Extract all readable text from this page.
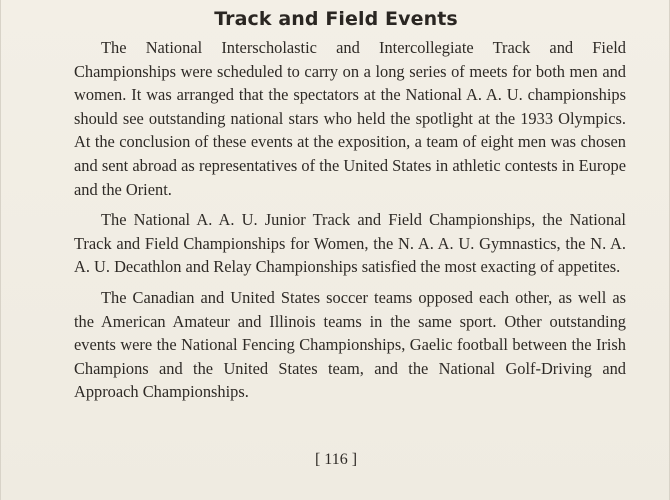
Track and Field Events

The National Interscholastic and Intercollegiate Track and Field Championships were scheduled to carry on a long series of meets for both men and women. It was arranged that the spectators at the National A. A. U. championships should see outstanding national stars who held the spotlight at the 1933 Olympics. At the conclusion of these events at the exposition, a team of eight men was chosen and sent abroad as representatives of the United States in athletic contests in Europe and the Orient.

The National A. A. U. Junior Track and Field Championships, the National Track and Field Championships for Women, the N. A. A. U. Gymnastics, the N. A. A. U. Decathlon and Relay Championships satisfied the most exacting of appetites.

The Canadian and United States soccer teams opposed each other, as well as the American Amateur and Illinois teams in the same sport. Other outstanding events were the National Fencing Championships, Gaelic football between the Irish Champions and the United States team, and the National Golf-Driving and Approach Championships.

[ 116 ]
